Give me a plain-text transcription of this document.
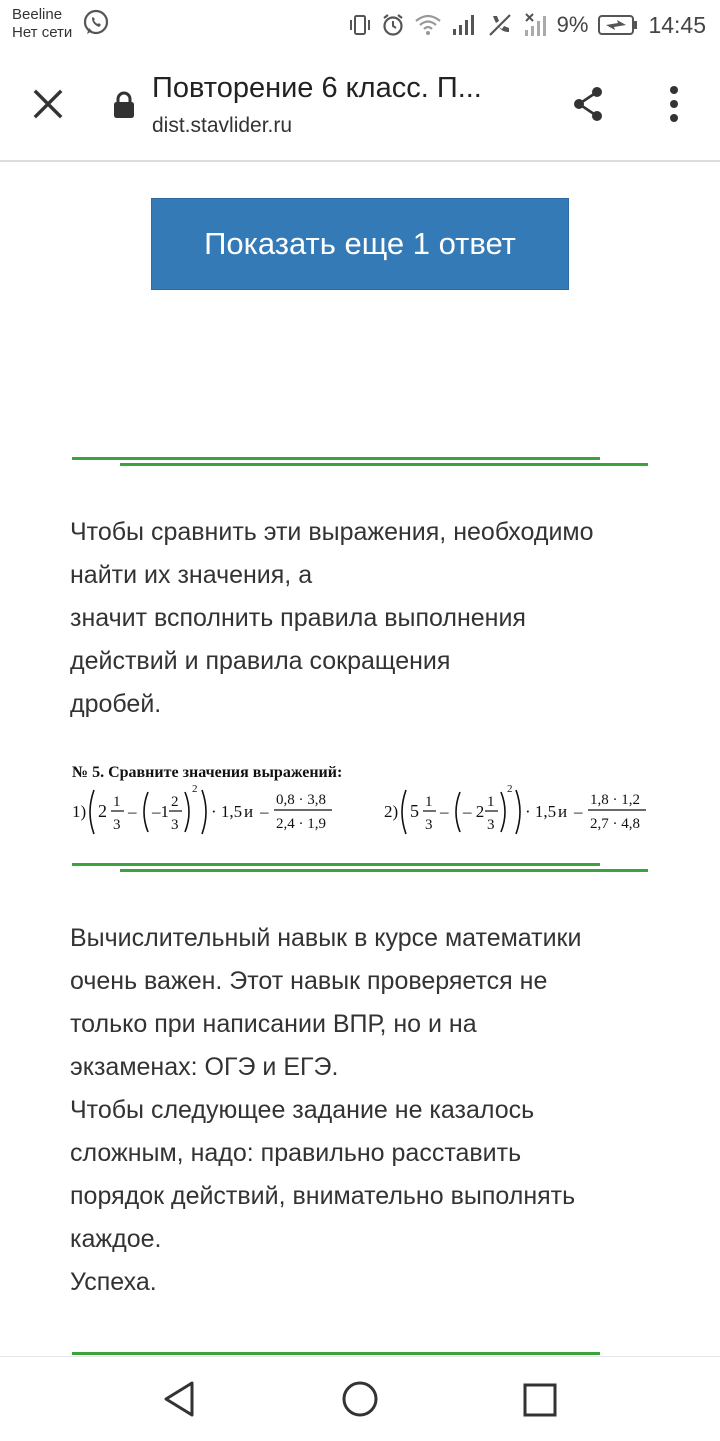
Beeline
Нет сети	9%	14:45
Повторение 6 класс. П...
dist.stavlider.ru
Показать еще 1 ответ
Чтобы сравнить эти выражения, необходимо
найти их значения, а
значит всполнить правила выполнения
действий и правила сокращения
дробей.
№ 5. Сравните значения выражений:
1) 2 1
3
– –1 2
3
2
· 1,5 и –
0,8 · 3,8
2,4 · 1,9
2) 5 1
3
– – 2 1
3
2
· 1,5 и –
1,8 · 1,2
2,7 · 4,8
Вычислительный навык в курсе математики
очень важен. Этот навык проверяется не
только при написании ВПР, но и на
экзаменах: ОГЭ и ЕГЭ.
Чтобы следующее задание не казалось
сложным, надо: правильно расставить
порядок действий, внимательно выполнять
каждое.
Успеха.
